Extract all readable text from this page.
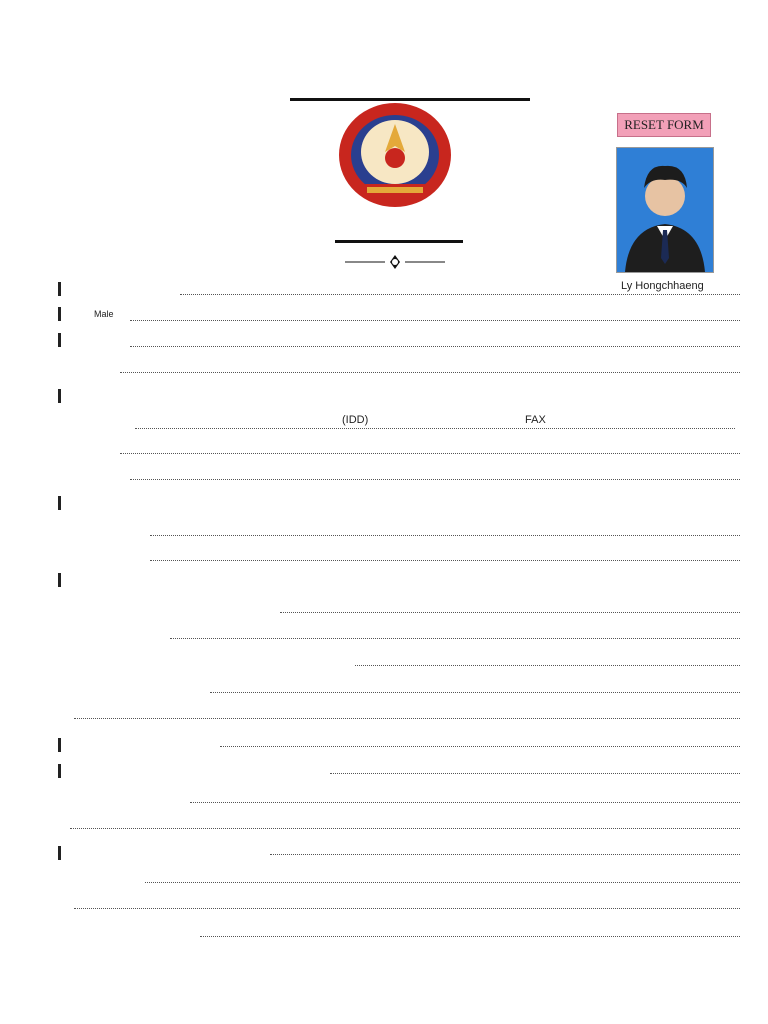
RESET FORM
Ly Hongchhaeng
Male
(IDD)	FAX
